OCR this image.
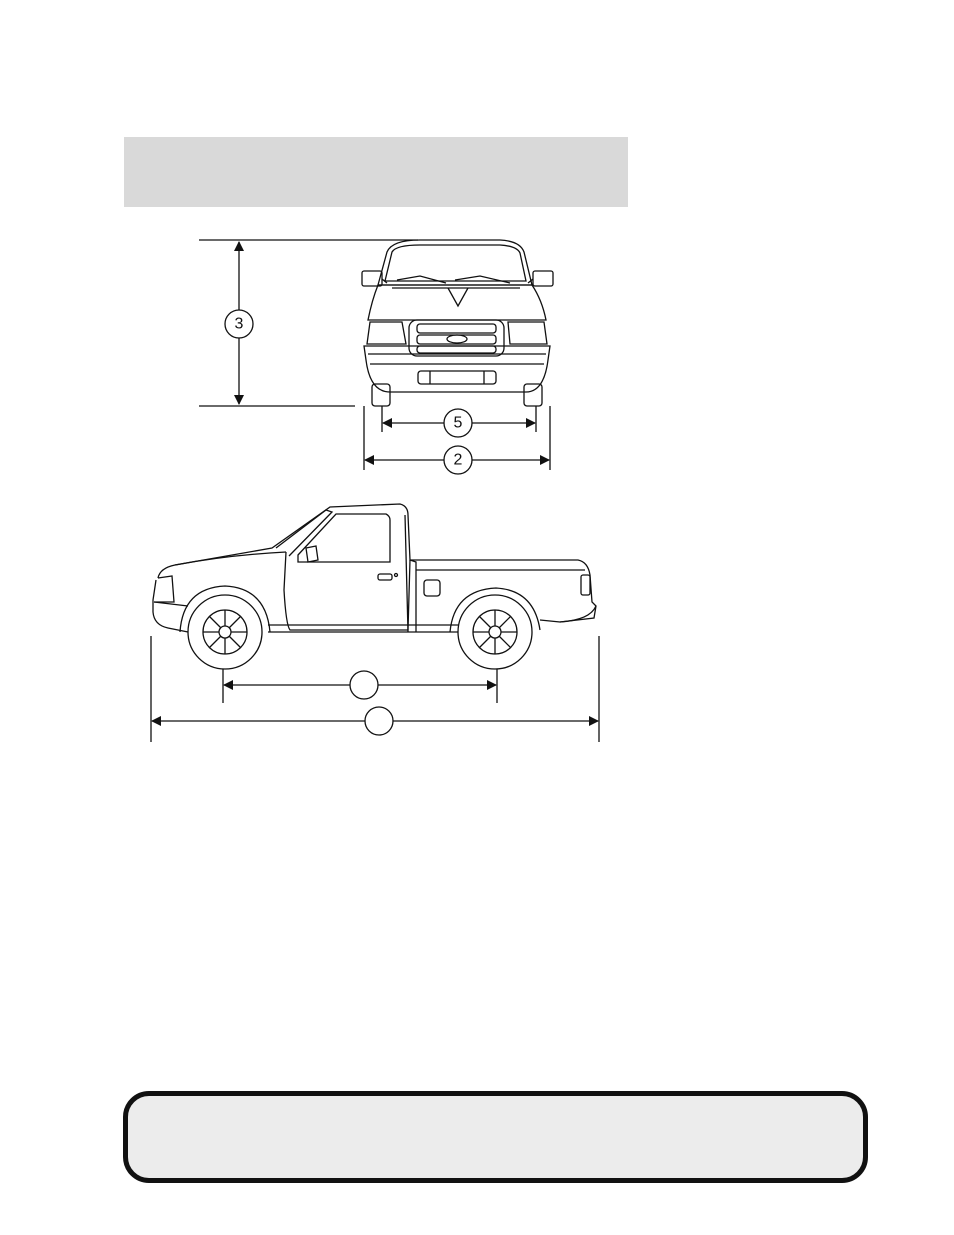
3
5
2
